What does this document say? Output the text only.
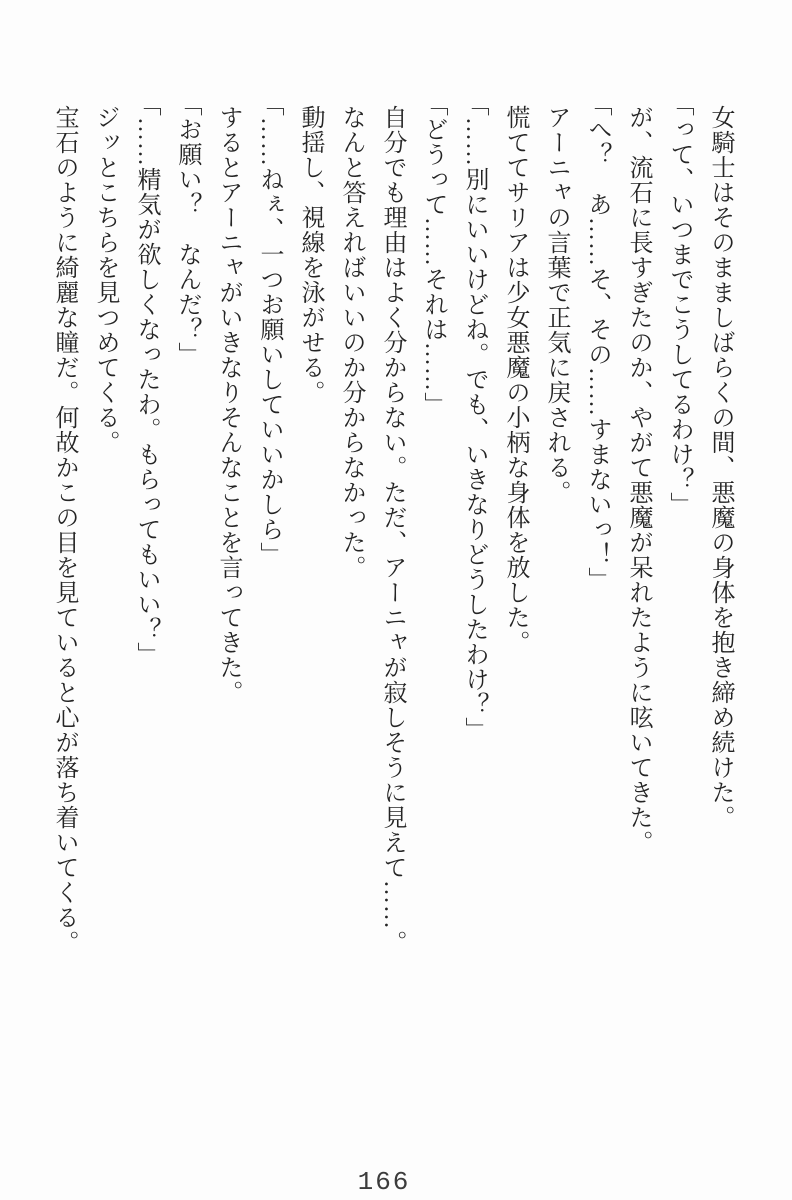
女騎士はそのまましばらくの間、悪魔の身体を抱き締め続けた。

「って、いつまでこうしてるわけ？」

が、流石に長すぎたのか、やがて悪魔が呆れたように呟いてきた。

「へ？　あ……そ、その……すまないっ！」

アーニャの言葉で正気に戻される。

慌ててサリアは少女悪魔の小柄な身体を放した。

「……別にいいけどね。でも、いきなりどうしたわけ？」

「どうって……それは……」

自分でも理由はよく分からない。ただ、アーニャが寂しそうに見えて……。

なんと答えればいいのか分からなかった。

動揺し、視線を泳がせる。

「……ねぇ、一つお願いしていいかしら」

するとアーニャがいきなりそんなことを言ってきた。

「お願い？　なんだ？」

「……精気が欲しくなったわ。もらってもいい？」

ジッとこちらを見つめてくる。

宝石のように綺麗な瞳だ。何故かこの目を見ていると心が落ち着いてくる。

166
